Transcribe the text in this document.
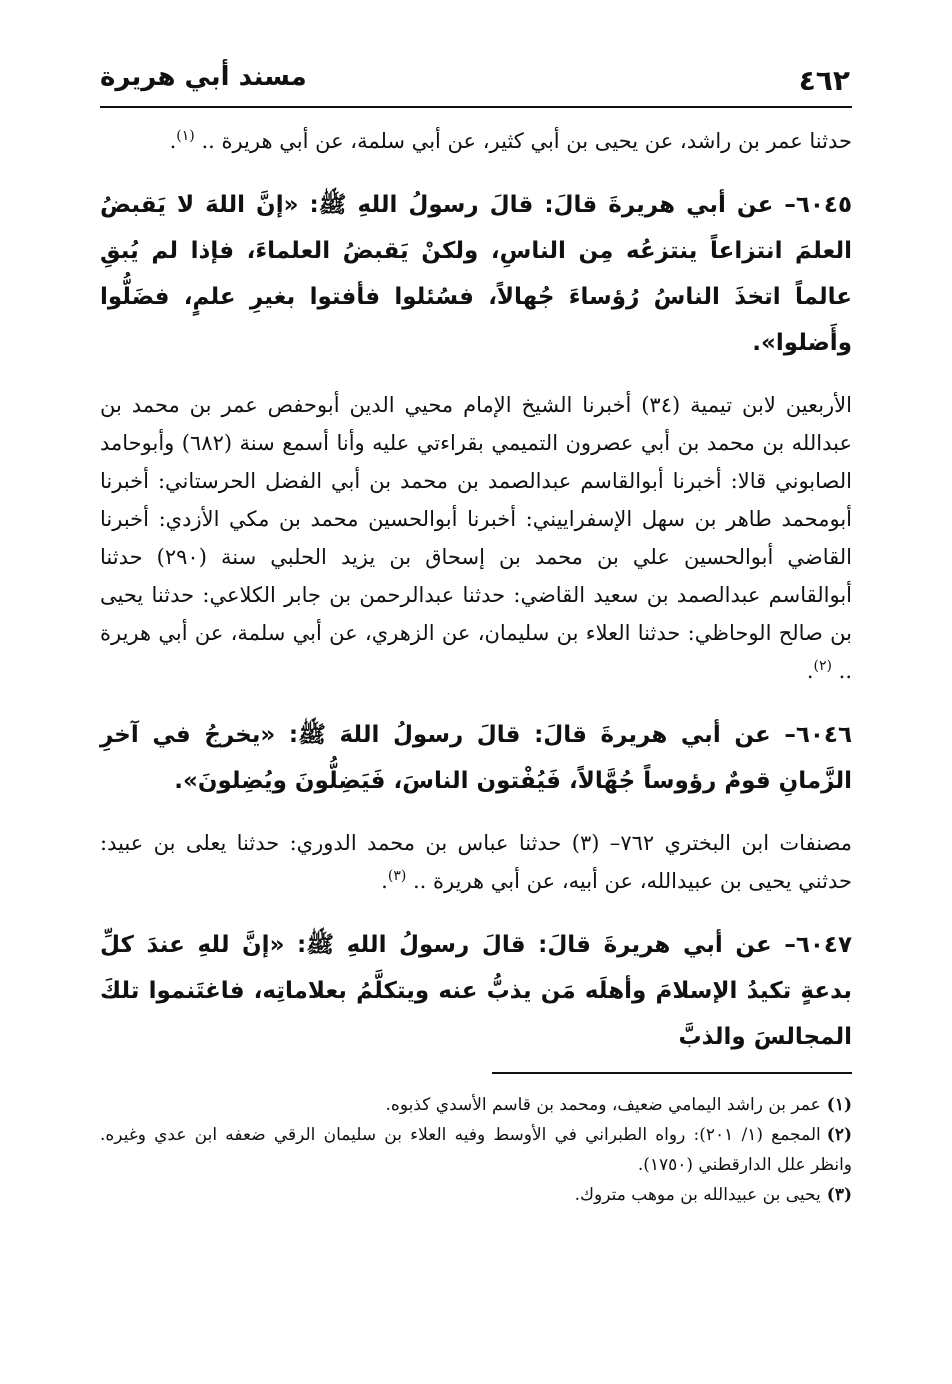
٤٦٢
مسند أبي هريرة

حدثنا عمر بن راشد، عن يحيى بن أبي كثير، عن أبي سلمة، عن أبي هريرة .. $^{(١)}$.

٦٠٤٥– عن أبي هريرةَ قالَ: قالَ رسولُ اللهِ ﷺ: «إنَّ اللهَ لا يَقبضُ العلمَ انتزاعاً ينتزعُه مِن الناسِ، ولكنْ يَقبضُ العلماءَ، فإذا لم يُبقِ عالماً اتخذَ الناسُ رُؤساءَ جُهالاً، فسُئلوا فأفتوا بغيرِ علمٍ، فضَلُّوا وأَضلوا».

الأربعين لابن تيمية (٣٤) أخبرنا الشيخ الإمام محيي الدين أبوحفص عمر بن محمد بن عبدالله بن محمد بن أبي عصرون التميمي بقراءتي عليه وأنا أسمع سنة (٦٨٢) وأبوحامد الصابوني قالا: أخبرنا أبوالقاسم عبدالصمد بن محمد بن أبي الفضل الحرستاني: أخبرنا أبومحمد طاهر بن سهل الإسفراييني: أخبرنا أبوالحسين محمد بن مكي الأزدي: أخبرنا القاضي أبوالحسين علي بن محمد بن إسحاق بن يزيد الحلبي سنة (٢٩٠) حدثنا أبوالقاسم عبدالصمد بن سعيد القاضي: حدثنا عبدالرحمن بن جابر الكلاعي: حدثنا يحيى بن صالح الوحاظي: حدثنا العلاء بن سليمان، عن الزهري، عن أبي سلمة، عن أبي هريرة .. $^{(٢)}$.

٦٠٤٦– عن أبي هريرةَ قالَ: قالَ رسولُ اللهَ ﷺ: «يخرجُ في آخرِ الزَّمانِ قومٌ رؤوساً جُهَّالاً، فَيُفْتون الناسَ، فَيَضِلُّونَ ويُضِلونَ».

مصنفات ابن البختري ٧٦٢– (٣) حدثنا عباس بن محمد الدوري: حدثنا يعلى بن عبيد: حدثني يحيى بن عبيدالله، عن أبيه، عن أبي هريرة .. $^{(٣)}$.

٦٠٤٧– عن أبي هريرةَ قالَ: قالَ رسولُ اللهِ ﷺ: «إنَّ للهِ عندَ كلِّ بدعةٍ تكيدُ الإسلامَ وأهلَه مَن يذبُّ عنه ويتكلَّمُ بعلاماتِه، فاغتَنموا تلكَ المجالسَ والذبَّ

(١)عمر بن راشد اليمامي ضعيف، ومحمد بن قاسم الأسدي كذبوه.

(٢)المجمع (١/ ٢٠١): رواه الطبراني في الأوسط وفيه العلاء بن سليمان الرقي ضعفه ابن عدي وغيره. وانظر علل الدارقطني (١٧٥٠).

(٣)يحيى بن عبيدالله بن موهب متروك.
